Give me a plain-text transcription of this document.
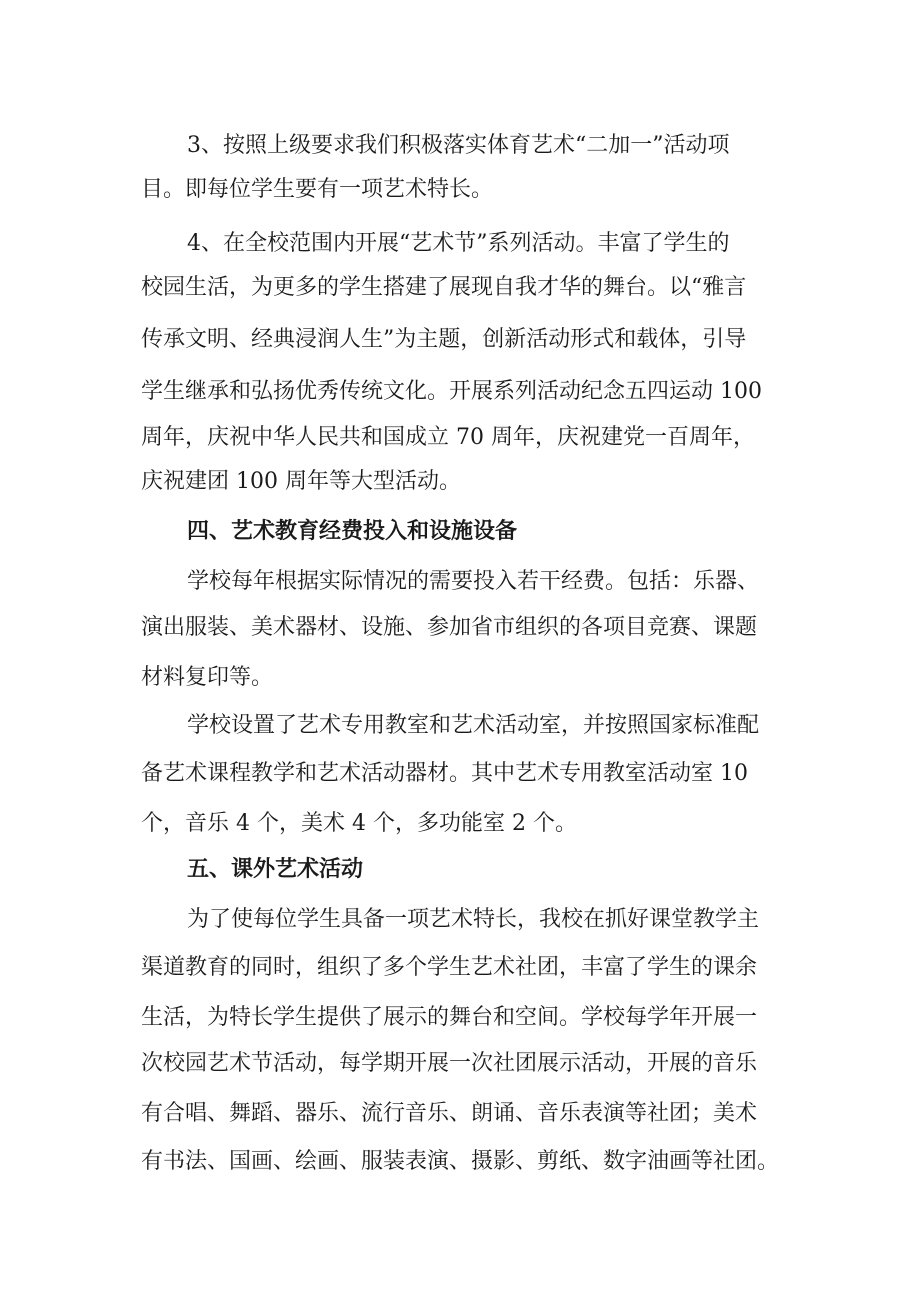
3、按照上级要求我们积极落实体育艺术“二加一”活动项
目。即每位学生要有一项艺术特长。
4、在全校范围内开展“艺术节”系列活动。丰富了学生的
校园生活，为更多的学生搭建了展现自我才华的舞台。以“雅言
传承文明、经典浸润人生”为主题，创新活动形式和载体，引导
学生继承和弘扬优秀传统文化。开展系列活动纪念五四运动 100
周年，庆祝中华人民共和国成立 70 周年，庆祝建党一百周年，
庆祝建团 100 周年等大型活动。
四、艺术教育经费投入和设施设备
学校每年根据实际情况的需要投入若干经费。包括：乐器、
演出服装、美术器材、设施、参加省市组织的各项目竞赛、课题
材料复印等。
学校设置了艺术专用教室和艺术活动室，并按照国家标准配
备艺术课程教学和艺术活动器材。其中艺术专用教室活动室 10
个，音乐 4 个，美术 4 个，多功能室 2 个。
五、课外艺术活动
为了使每位学生具备一项艺术特长，我校在抓好课堂教学主
渠道教育的同时，组织了多个学生艺术社团，丰富了学生的课余
生活，为特长学生提供了展示的舞台和空间。学校每学年开展一
次校园艺术节活动，每学期开展一次社团展示活动，开展的音乐
有合唱、舞蹈、器乐、流行音乐、朗诵、音乐表演等社团；美术
有书法、国画、绘画、服装表演、摄影、剪纸、数字油画等社团。
